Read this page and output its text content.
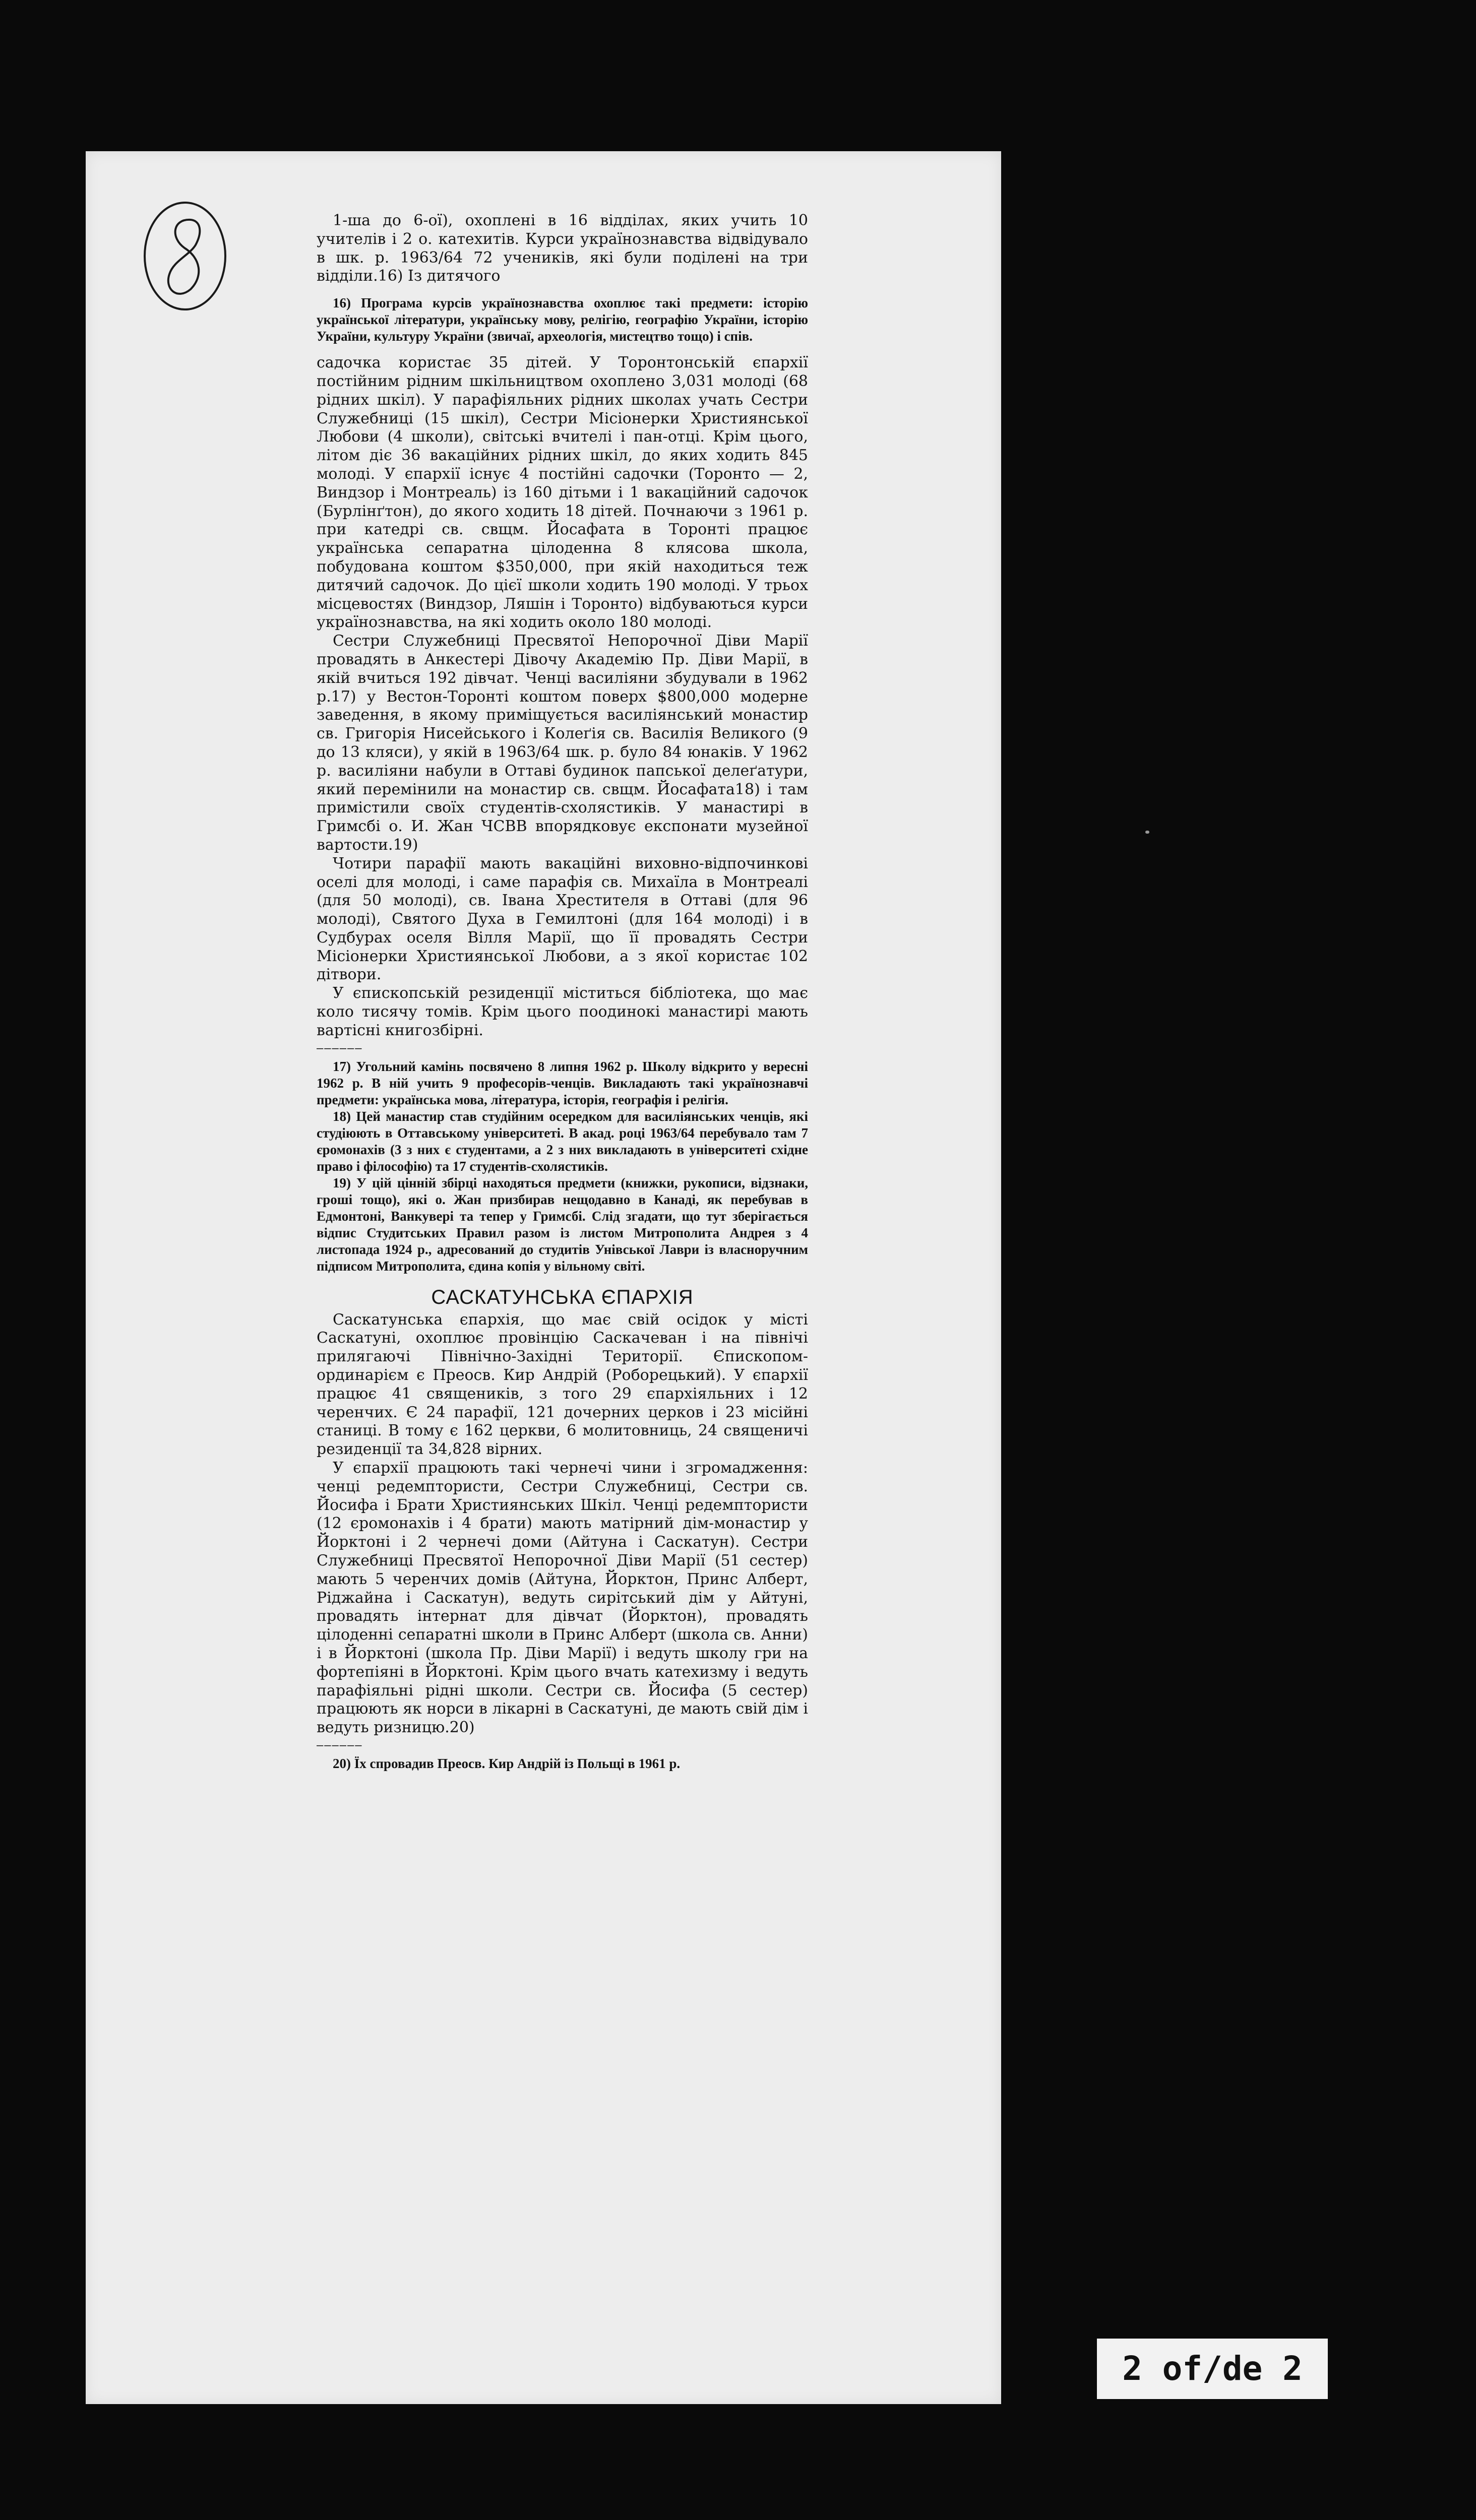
1-ша до 6-ої), охоплені в 16 відділах, яких учить 10 учителів і 2 о. катехитів. Курси українознавства відвідувало в шк. р. 1963/64 72 учеників, які були поділені на три відділи.16) Із дитячого

16) Програма курсів українознавства охоплює такі предмети: історію української літератури, українську мову, релігію, географію України, історію України, культуру України (звичаї, археологія, мистецтво тощо) і спів.

садочка користає 35 дітей. У Торонтонській єпархії постійним рідним шкільництвом охоплено 3,031 молоді (68 рідних шкіл). У парафіяльних рідних школах учать Сестри Служебниці (15 шкіл), Сестри Місіонерки Християнської Любови (4 школи), світські вчителі і пан-отці. Крім цього, літом діє 36 вакаційних рідних шкіл, до яких ходить 845 молоді. У єпархії існує 4 постійні садочки (Торонто — 2, Виндзор і Монтреаль) із 160 дітьми і 1 вакаційний садочок (Бурлінґтон), до якого ходить 18 дітей. Почнаючи з 1961 р. при катедрі св. свщм. Йосафата в Торонті працює українська сепаратна цілоденна 8 клясова школа, побудована коштом $350,000, при якій находиться теж дитячий садочок. До цієї школи ходить 190 молоді. У трьох місцевостях (Виндзор, Ляшін і Торонто) відбуваються курси українознавства, на які ходить около 180 молоді.

Сестри Служебниці Пресвятої Непорочної Діви Марії провадять в Анкестері Дівочу Академію Пр. Діви Марії, в якій вчиться 192 дівчат. Ченці василіяни збудували в 1962 р.17) у Вестон-Торонті коштом поверх $800,000 модерне заведення, в якому приміщується василіянський монастир св. Григорія Нисейського і Колеґія св. Василія Великого (9 до 13 кляси), у якій в 1963/64 шк. р. було 84 юнаків. У 1962 р. василіяни набули в Оттаві будинок папської делеґатури, який перемінили на монастир св. свщм. Йосафата18) і там примістили своїх студентів-схолястиків. У манастирі в Гримсбі о. И. Жан ЧСВВ впорядковує експонати музейної вартости.19)

Чотири парафії мають вакаційні виховно-відпочинкові оселі для молоді, і саме парафія св. Михаїла в Монтреалі (для 50 молоді), св. Івана Хрестителя в Оттаві (для 96 молоді), Святого Духа в Гемилтоні (для 164 молоді) і в Судбурах оселя Вілля Марії, що її провадять Сестри Місіонерки Християнської Любови, а з якої користає 102 дітвори.

У єпископській резиденції міститься бібліотека, що має коло тисячу томів. Крім цього поодинокі манастирі мають вартісні книгозбірні.

——————

17) Угольний камінь посвячено 8 липня 1962 р. Школу відкрито у вересні 1962 р. В ній учить 9 професорів-ченців. Викладають такі українознавчі предмети: українська мова, література, історія, географія і релігія.

18) Цей манастир став студійним осередком для василіянських ченців, які студіюють в Оттавському університеті. В акад. році 1963/64 перебувало там 7 єромонахів (3 з них є студентами, а 2 з них викладають в університеті східне право і філософію) та 17 студентів-схолястиків.

19) У цій цінній збірці находяться предмети (книжки, рукописи, відзнаки, гроші тощо), які о. Жан призбирав нещодавно в Канаді, як перебував в Едмонтоні, Ванкувері та тепер у Гримсбі. Слід згадати, що тут зберігається відпис Студитських Правил разом із листом Митрополита Андрея з 4 листопада 1924 р., адресований до студитів Унівської Лаври із власноручним підписом Митрополита, єдина копія у вільному світі.

САСКАТУНСЬКА ЄПАРХІЯ

Саскатунська єпархія, що має свій осідок у місті Саскатуні, охоплює провінцію Саскачеван і на північі прилягаючі Північно-Західні Території. Єпископом-ординарієм є Преосв. Кир Андрій (Роборецький). У єпархії працює 41 священиків, з того 29 єпархіяльних і 12 черенчих. Є 24 парафії, 121 дочерних церков і 23 місійні станиці. В тому є 162 церкви, 6 молитовниць, 24 священичі резиденції та 34,828 вірних.

У єпархії працюють такі чернечі чини і згромадження: ченці редемптористи, Сестри Служебниці, Сестри св. Йосифа і Брати Християнських Шкіл. Ченці редемптористи (12 єромонахів і 4 брати) мають матірний дім-монастир у Йорктоні і 2 чернечі доми (Айтуна і Саскатун). Сестри Служебниці Пресвятої Непорочної Діви Марії (51 сестер) мають 5 черенчих домів (Айтуна, Йорктон, Принс Алберт, Ріджайна і Саскатун), ведуть сирітський дім у Айтуні, провадять інтернат для дівчат (Йорктон), провадять цілоденні сепаратні школи в Принс Алберт (школа св. Анни) і в Йорктоні (школа Пр. Діви Марії) і ведуть школу гри на фортепіяні в Йорктоні. Крім цього вчать катехизму і ведуть парафіяльні рідні школи. Сестри св. Йосифа (5 сестер) працюють як норси в лікарні в Саскатуні, де мають свій дім і ведуть ризницю.20)

——————

20) Їх спровадив Преосв. Кир Андрій із Польщі в 1961 р.

2 of/de 2
